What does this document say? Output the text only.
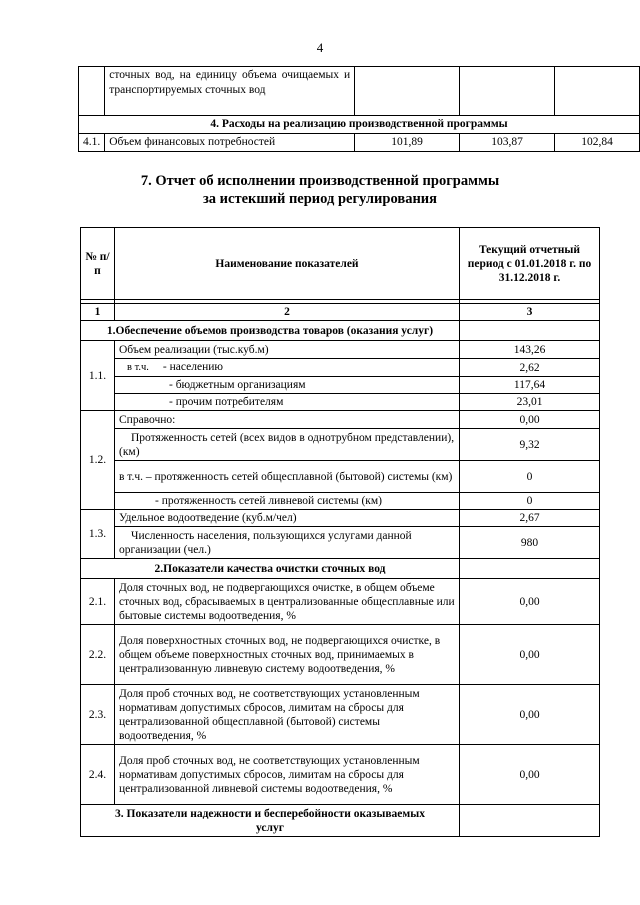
4
	сточных вод, на единицу объема очищаемых и транспортируемых сточных вод			
4. Расходы на реализацию производственной программы				
4.1.	Объем финансовых потребностей	101,89	103,87	102,84
7. Отчет об исполнении производственной программы
за истекший период регулирования
№ п/п	Наименование показателей	Текущий отчетный период с 01.01.2018 г. по 31.12.2018 г.

1	2	3
1.Обеспечение объемов производства товаров (оказания услуг)		
1.1.	Объем реализации (тыс.куб.м)	143,26
	в т.ч. - населению	2,62
	- бюджетным организациям	117,64
	- прочим потребителям	23,01
1.2.	Справочно:	0,00
	Протяженность сетей (всех видов в однотрубном представлении), (км)	9,32
	в т.ч. – протяженность сетей общесплавной (бытовой) системы (км)	0
	- протяженность сетей ливневой системы (км)	0
1.3.	Удельное водоотведение (куб.м/чел)	2,67
	Численность населения, пользующихся услугами данной организации (чел.)	980
2.Показатели качества очистки сточных вод		
2.1.	Доля сточных вод, не подвергающихся очистке, в общем объеме сточных вод, сбрасываемых в централизованные общесплавные или бытовые системы водоотведения, %	0,00
2.2.	Доля поверхностных сточных вод, не подвергающихся очистке, в общем объеме поверхностных сточных вод, принимаемых в централизованную ливневую систему водоотведения, %	0,00
2.3.	Доля проб сточных вод, не соответствующих установленным нормативам допустимых сбросов, лимитам на сбросы для централизованной общесплавной (бытовой) системы водоотведения, %	0,00
2.4.	Доля проб сточных вод, не соответствующих установленным нормативам допустимых сбросов, лимитам на сбросы для централизованной ливневой системы водоотведения, %	0,00
3. Показатели надежности и бесперебойности оказываемых услуг		
